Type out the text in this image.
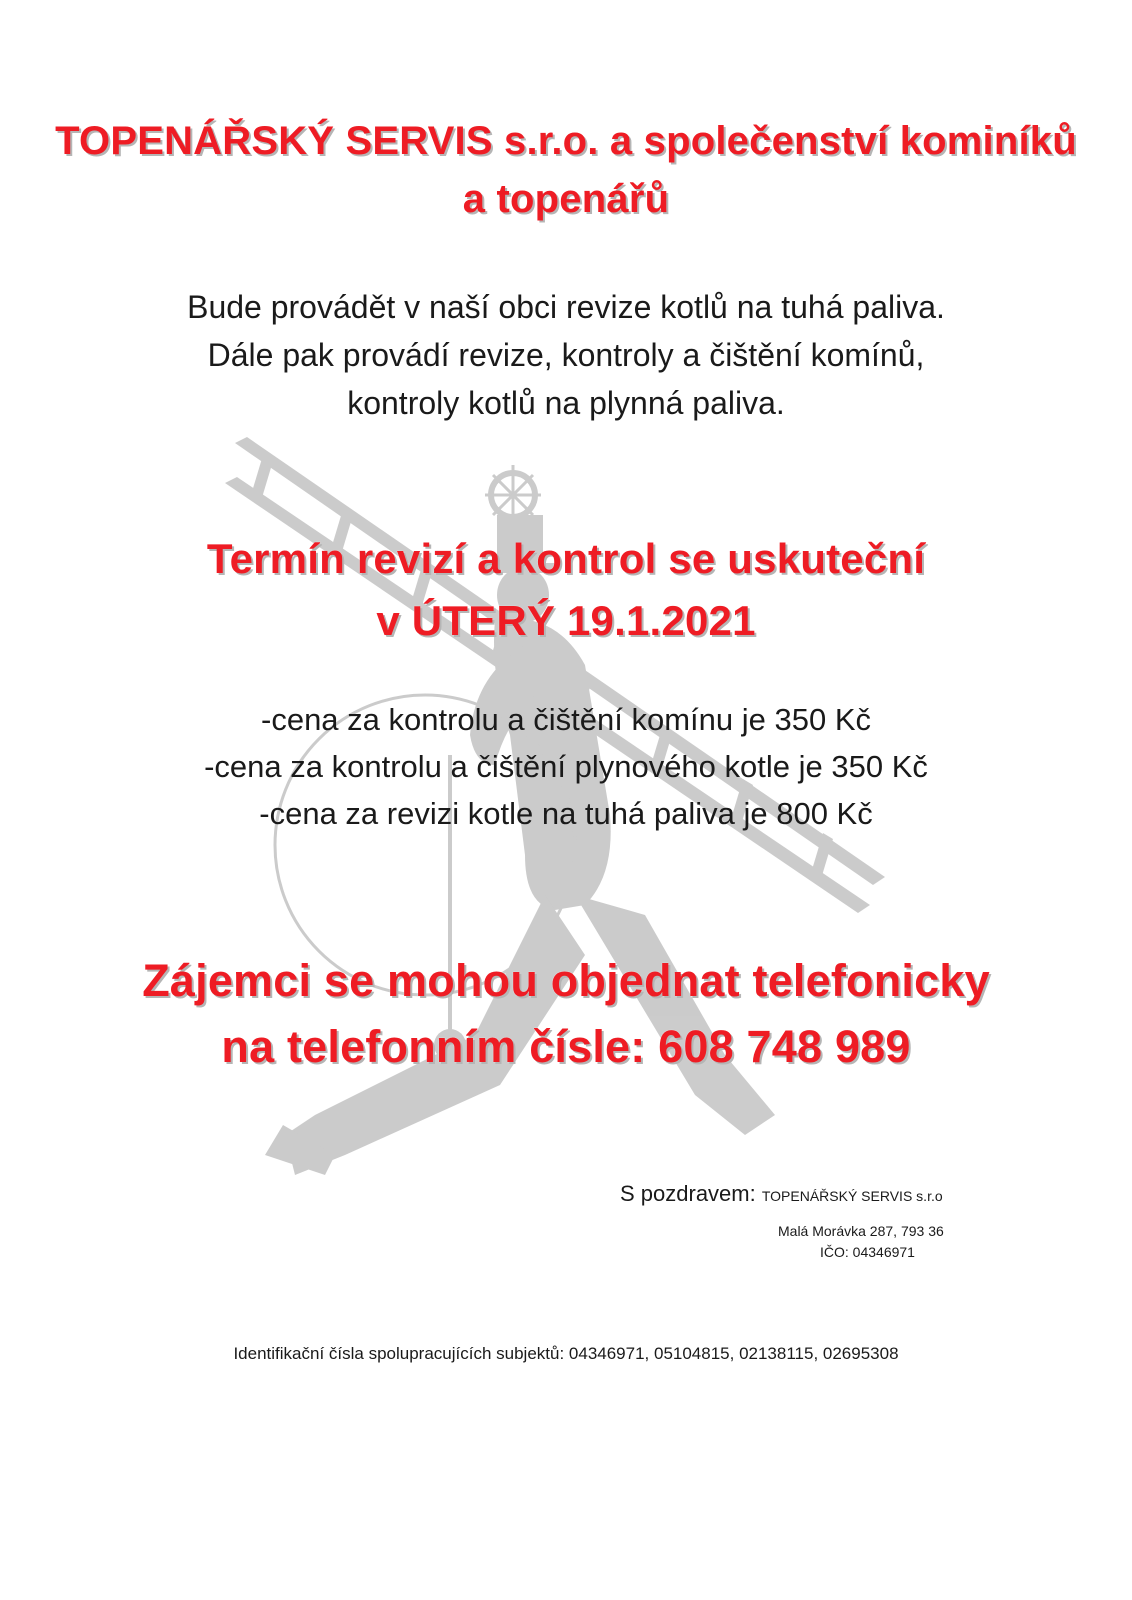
TOPENÁŘSKÝ SERVIS s.r.o. a společenství kominíků
a topenářů
Bude provádět v naší obci revize kotlů na tuhá paliva.
Dále pak provádí revize, kontroly a čištění komínů,
kontroly kotlů na plynná paliva.
Termín revizí a kontrol se uskuteční
v ÚTERÝ 19.1.2021
-cena za kontrolu a čištění komínu je 350 Kč
-cena za kontrolu a čištění plynového kotle je 350 Kč
-cena za revizi kotle na tuhá paliva je 800 Kč
Zájemci se mohou objednat telefonicky
na telefonním čísle: 608 748 989
S pozdravem: TOPENÁŘSKÝ SERVIS s.r.o
Malá Morávka 287, 793 36
IČO: 04346971
Identifikační čísla spolupracujících subjektů: 04346971, 05104815, 02138115, 02695308
